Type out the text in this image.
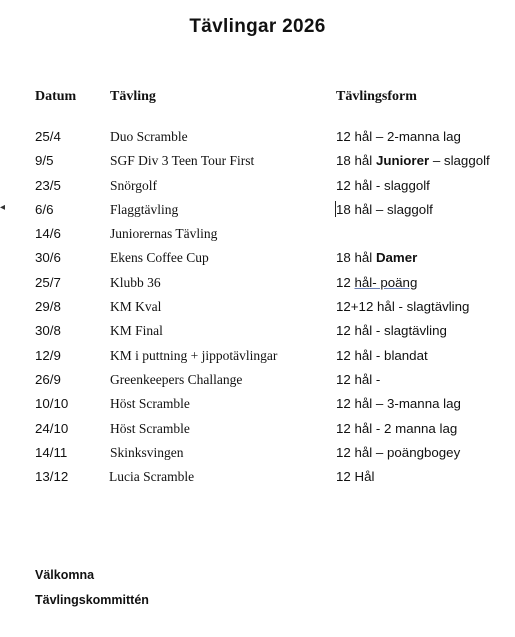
Tävlingar 2026
Datum Tävling	Tävlingsform
25/4	Duo Scramble	12 hål – 2-manna lag
9/5	SGF Div 3 Teen Tour First	18 hål Juniorer – slaggolf
23/5	Snörgolf	12 hål - slaggolf
◂ 6/6	Flaggtävling	18 hål – slaggolf
14/6	Juniorernas Tävling
30/6	Ekens Coffee Cup	18 hål Damer
25/7	Klubb 36	12 hål- poäng
29/8	KM Kval	12+12 hål - slagtävling
30/8	KM Final	12 hål - slagtävling
12/9	KM i puttning + jippotävlingar	12 hål - blandat
26/9	Greenkeepers Challange	12 hål -
10/10	Höst Scramble	12 hål – 3-manna lag
24/10	Höst Scramble	12 hål - 2 manna lag
14/11	Skinksvingen	12 hål – poängbogey
13/12	Lucia Scramble	12 Hål
Välkomna
Tävlingskommittén
